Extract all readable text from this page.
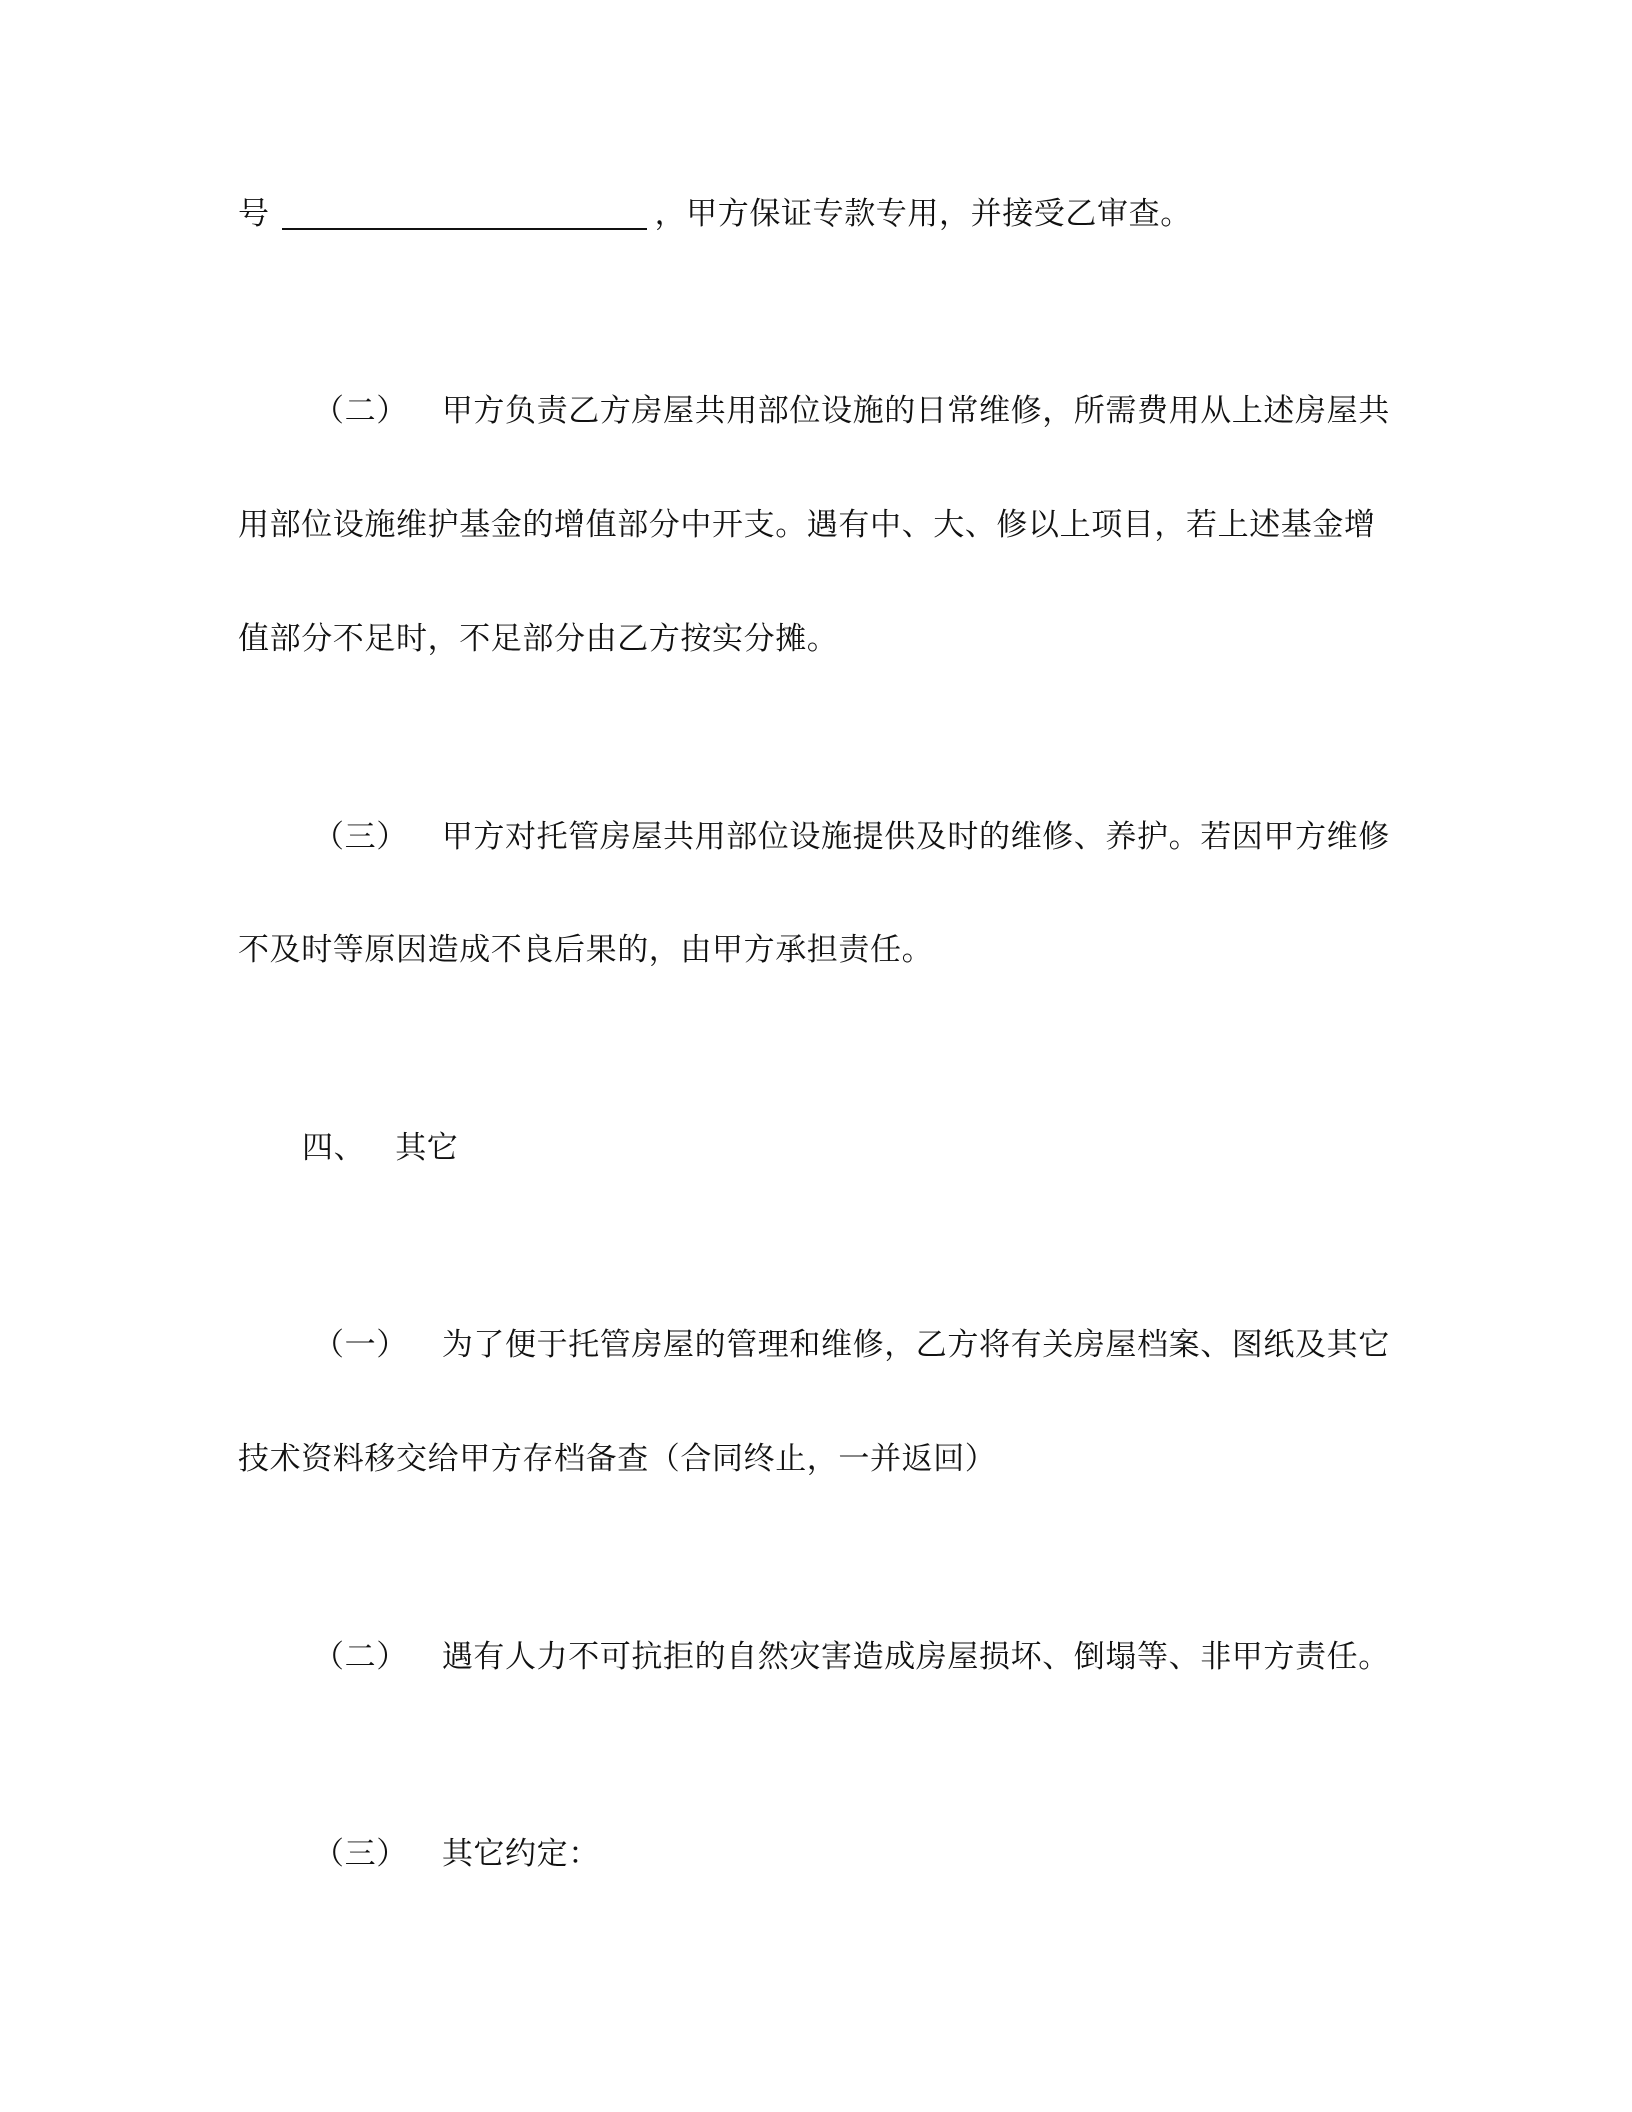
号	，甲方保证专款专用，并接受乙审查。
（二） 甲方负责乙方房屋共用部位设施的日常维修，所需费用从上述房屋共
用部位设施维护基金的增值部分中开支。遇有中、大、修以上项目，若上述基金增
值部分不足时，不足部分由乙方按实分摊。
（三） 甲方对托管房屋共用部位设施提供及时的维修、养护。若因甲方维修
不及时等原因造成不良后果的，由甲方承担责任。
四、 其它
（一） 为了便于托管房屋的管理和维修，乙方将有关房屋档案、图纸及其它
技术资料移交给甲方存档备查（合同终止，一并返回）
（二） 遇有人力不可抗拒的自然灾害造成房屋损坏、倒塌等、非甲方责任。
（三） 其它约定：
